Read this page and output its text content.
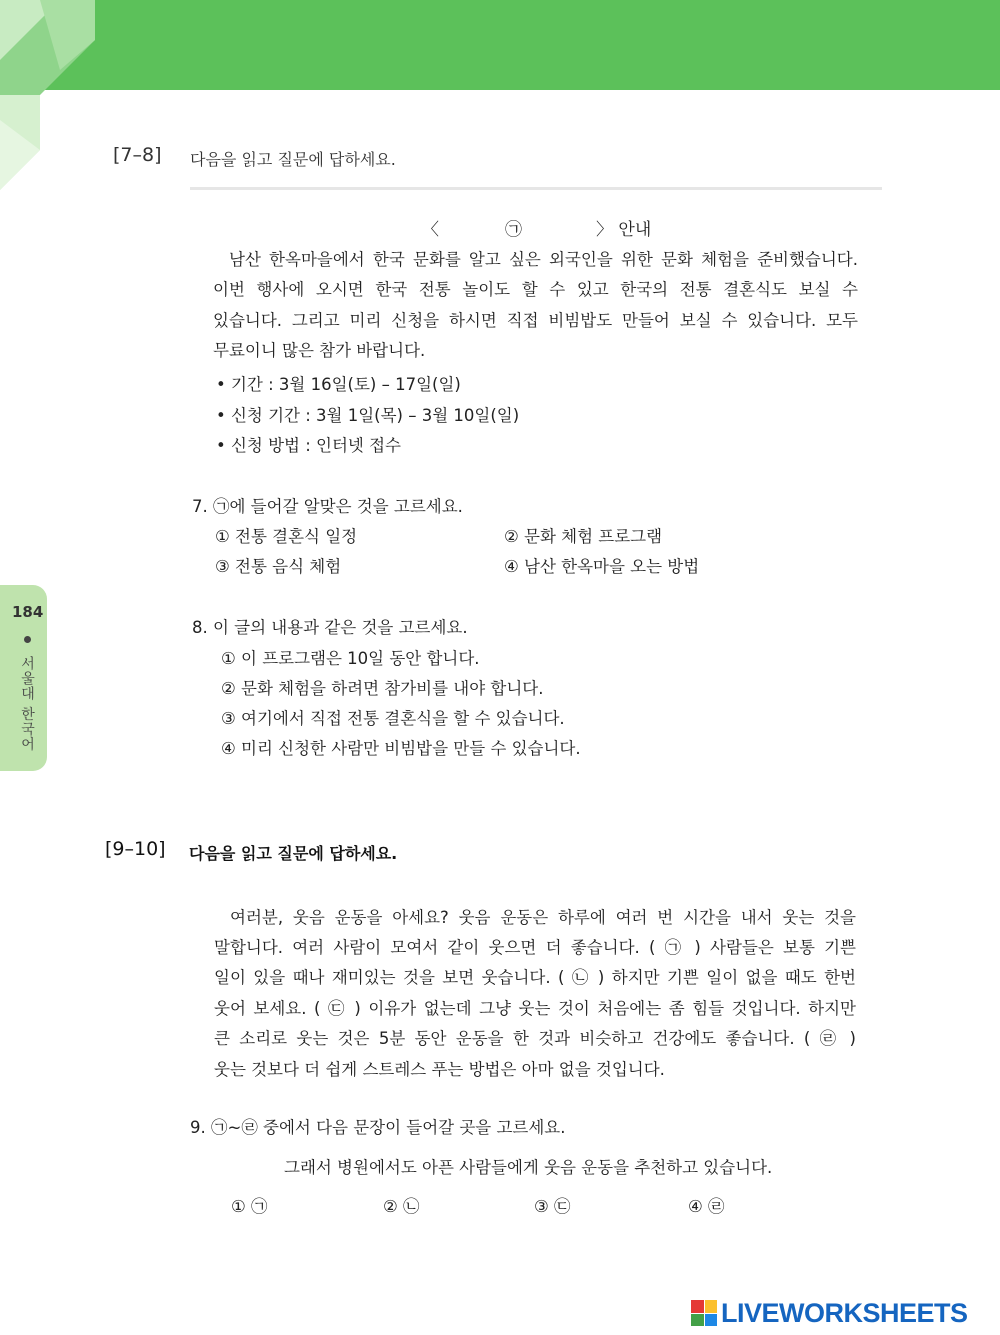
184
서울대 한국어
[7–8] 다음을 읽고 질문에 답하세요.
〈	㉠	〉 안내
남산 한옥마을에서 한국 문화를 알고 싶은 외국인을 위한 문화 체험을 준비했습니다.
이번 행사에 오시면 한국 전통 놀이도 할 수 있고 한국의 전통 결혼식도 보실 수
있습니다. 그리고 미리 신청을 하시면 직접 비빔밥도 만들어 보실 수 있습니다. 모두
무료이니 많은 참가 바랍니다.
• 기간 : 3월 16일(토) – 17일(일)
• 신청 기간 : 3월 1일(목) – 3월 10일(일)
• 신청 방법 : 인터넷 접수
7. ㉠에 들어갈 알맞은 것을 고르세요.
① 전통 결혼식 일정	② 문화 체험 프로그램
③ 전통 음식 체험	④ 남산 한옥마을 오는 방법
8. 이 글의 내용과 같은 것을 고르세요.
① 이 프로그램은 10일 동안 합니다.
② 문화 체험을 하려면 참가비를 내야 합니다.
③ 여기에서 직접 전통 결혼식을 할 수 있습니다.
④ 미리 신청한 사람만 비빔밥을 만들 수 있습니다.
[9–10] 다음을 읽고 질문에 답하세요.
여러분, 웃음 운동을 아세요? 웃음 운동은 하루에 여러 번 시간을 내서 웃는 것을
말합니다. 여러 사람이 모여서 같이 웃으면 더 좋습니다. ( ㉠ ) 사람들은 보통 기쁜
일이 있을 때나 재미있는 것을 보면 웃습니다. ( ㉡ ) 하지만 기쁜 일이 없을 때도 한번
웃어 보세요. ( ㉢ ) 이유가 없는데 그냥 웃는 것이 처음에는 좀 힘들 것입니다. 하지만
큰 소리로 웃는 것은 5분 동안 운동을 한 것과 비슷하고 건강에도 좋습니다. ( ㉣ )
웃는 것보다 더 쉽게 스트레스 푸는 방법은 아마 없을 것입니다.
9. ㉠~㉣ 중에서 다음 문장이 들어갈 곳을 고르세요.
그래서 병원에서도 아픈 사람들에게 웃음 운동을 추천하고 있습니다.
① ㉠	② ㉡	③ ㉢	④ ㉣
LIVEWORKSHEETS
